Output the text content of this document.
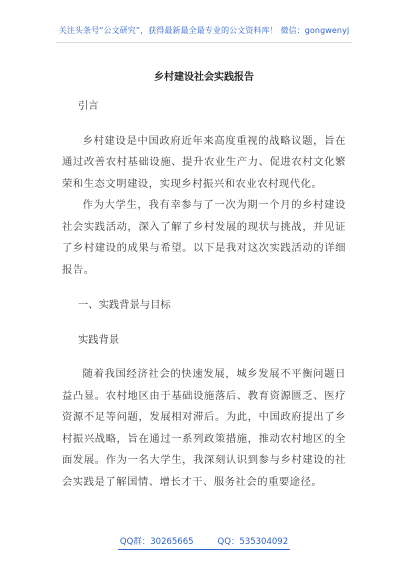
关注头条号“公文研究”，获得最新最全最专业的公文资料库！ 微信：gongwenyj
乡村建设社会实践报告

引言

乡村建设是中国政府近年来高度重视的战略议题，旨在通过改善农村基础设施、提升农业生产力、促进农村文化繁荣和生态文明建设，实现乡村振兴和农业农村现代化。

作为大学生，我有幸参与了一次为期一个月的乡村建设社会实践活动，深入了解了乡村发展的现状与挑战，并见证了乡村建设的成果与希望。以下是我对这次实践活动的详细报告。

一、实践背景与目标

实践背景

随着我国经济社会的快速发展，城乡发展不平衡问题日益凸显。农村地区由于基础设施落后、教育资源匮乏、医疗资源不足等问题，发展相对滞后。为此，中国政府提出了乡村振兴战略，旨在通过一系列政策措施，推动农村地区的全面发展。作为一名大学生，我深刻认识到参与乡村建设的社会实践是了解国情、增长才干、服务社会的重要途径。

QQ群：30265665	QQ：535304092
